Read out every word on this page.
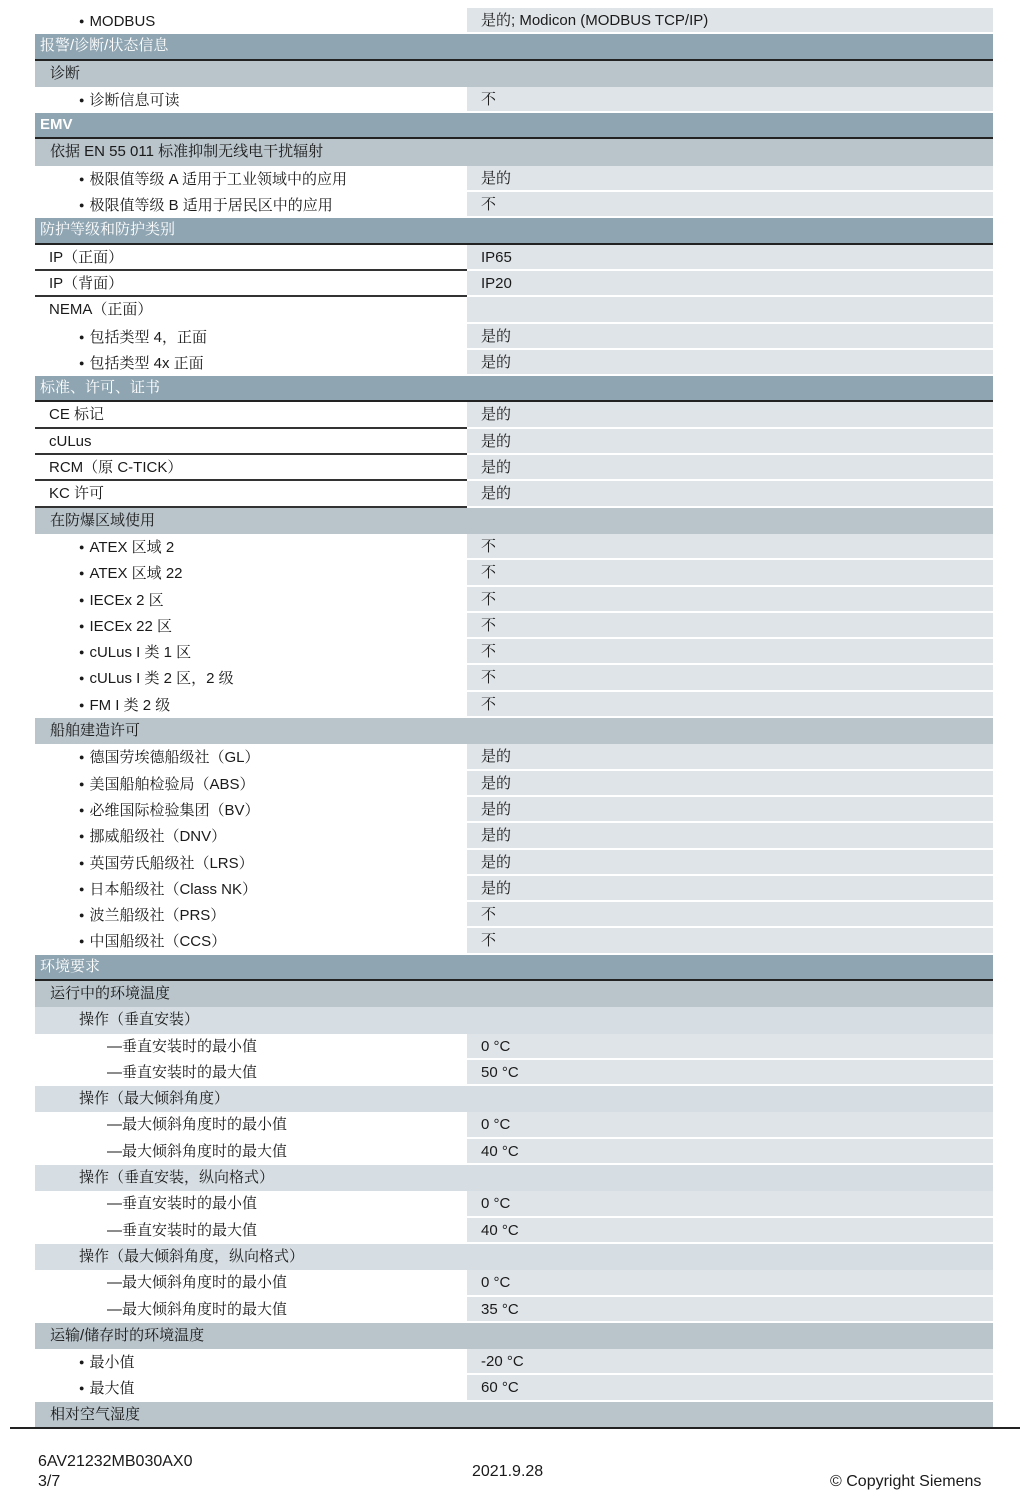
● MODBUS	是的; Modicon (MODBUS TCP/IP)
报警/诊断/状态信息
诊断
● 诊断信息可读	不
EMV
依据 EN 55 011 标准抑制无线电干扰辐射
● 极限值等级 A 适用于工业领域中的应用	是的
● 极限值等级 B 适用于居民区中的应用	不
防护等级和防护类别
IP（正面）	IP65
IP（背面）	IP20
NEMA（正面）
● 包括类型 4，正面	是的
● 包括类型 4x 正面	是的
标准、许可、证书
CE 标记	是的
cULus	是的
RCM（原 C-TICK）	是的
KC 许可	是的
在防爆区域使用
● ATEX 区域 2	不
● ATEX 区域 22	不
● IECEx 2 区	不
● IECEx 22 区	不
● cULus I 类 1 区	不
● cULus I 类 2 区，2 级	不
● FM I 类 2 级	不
船舶建造许可
● 德国劳埃德船级社（GL）	是的
● 美国船舶检验局（ABS）	是的
● 必维国际检验集团（BV）	是的
● 挪威船级社（DNV）	是的
● 英国劳氏船级社（LRS）	是的
● 日本船级社（Class NK）	是的
● 波兰船级社（PRS）	不
● 中国船级社（CCS）	不
环境要求
运行中的环境温度
操作（垂直安装）
— 垂直安装时的最小值	0 °C
— 垂直安装时的最大值	50 °C
操作（最大倾斜角度）
— 最大倾斜角度时的最小值	0 °C
— 最大倾斜角度时的最大值	40 °C
操作（垂直安装，纵向格式）
— 垂直安装时的最小值	0 °C
— 垂直安装时的最大值	40 °C
操作（最大倾斜角度，纵向格式）
— 最大倾斜角度时的最小值	0 °C
— 最大倾斜角度时的最大值	35 °C
运输/储存时的环境温度
● 最小值	-20 °C
● 最大值	60 °C
相对空气湿度
6AV21232MB030AX0
3/7
2021.9.28
© Copyright Siemens
